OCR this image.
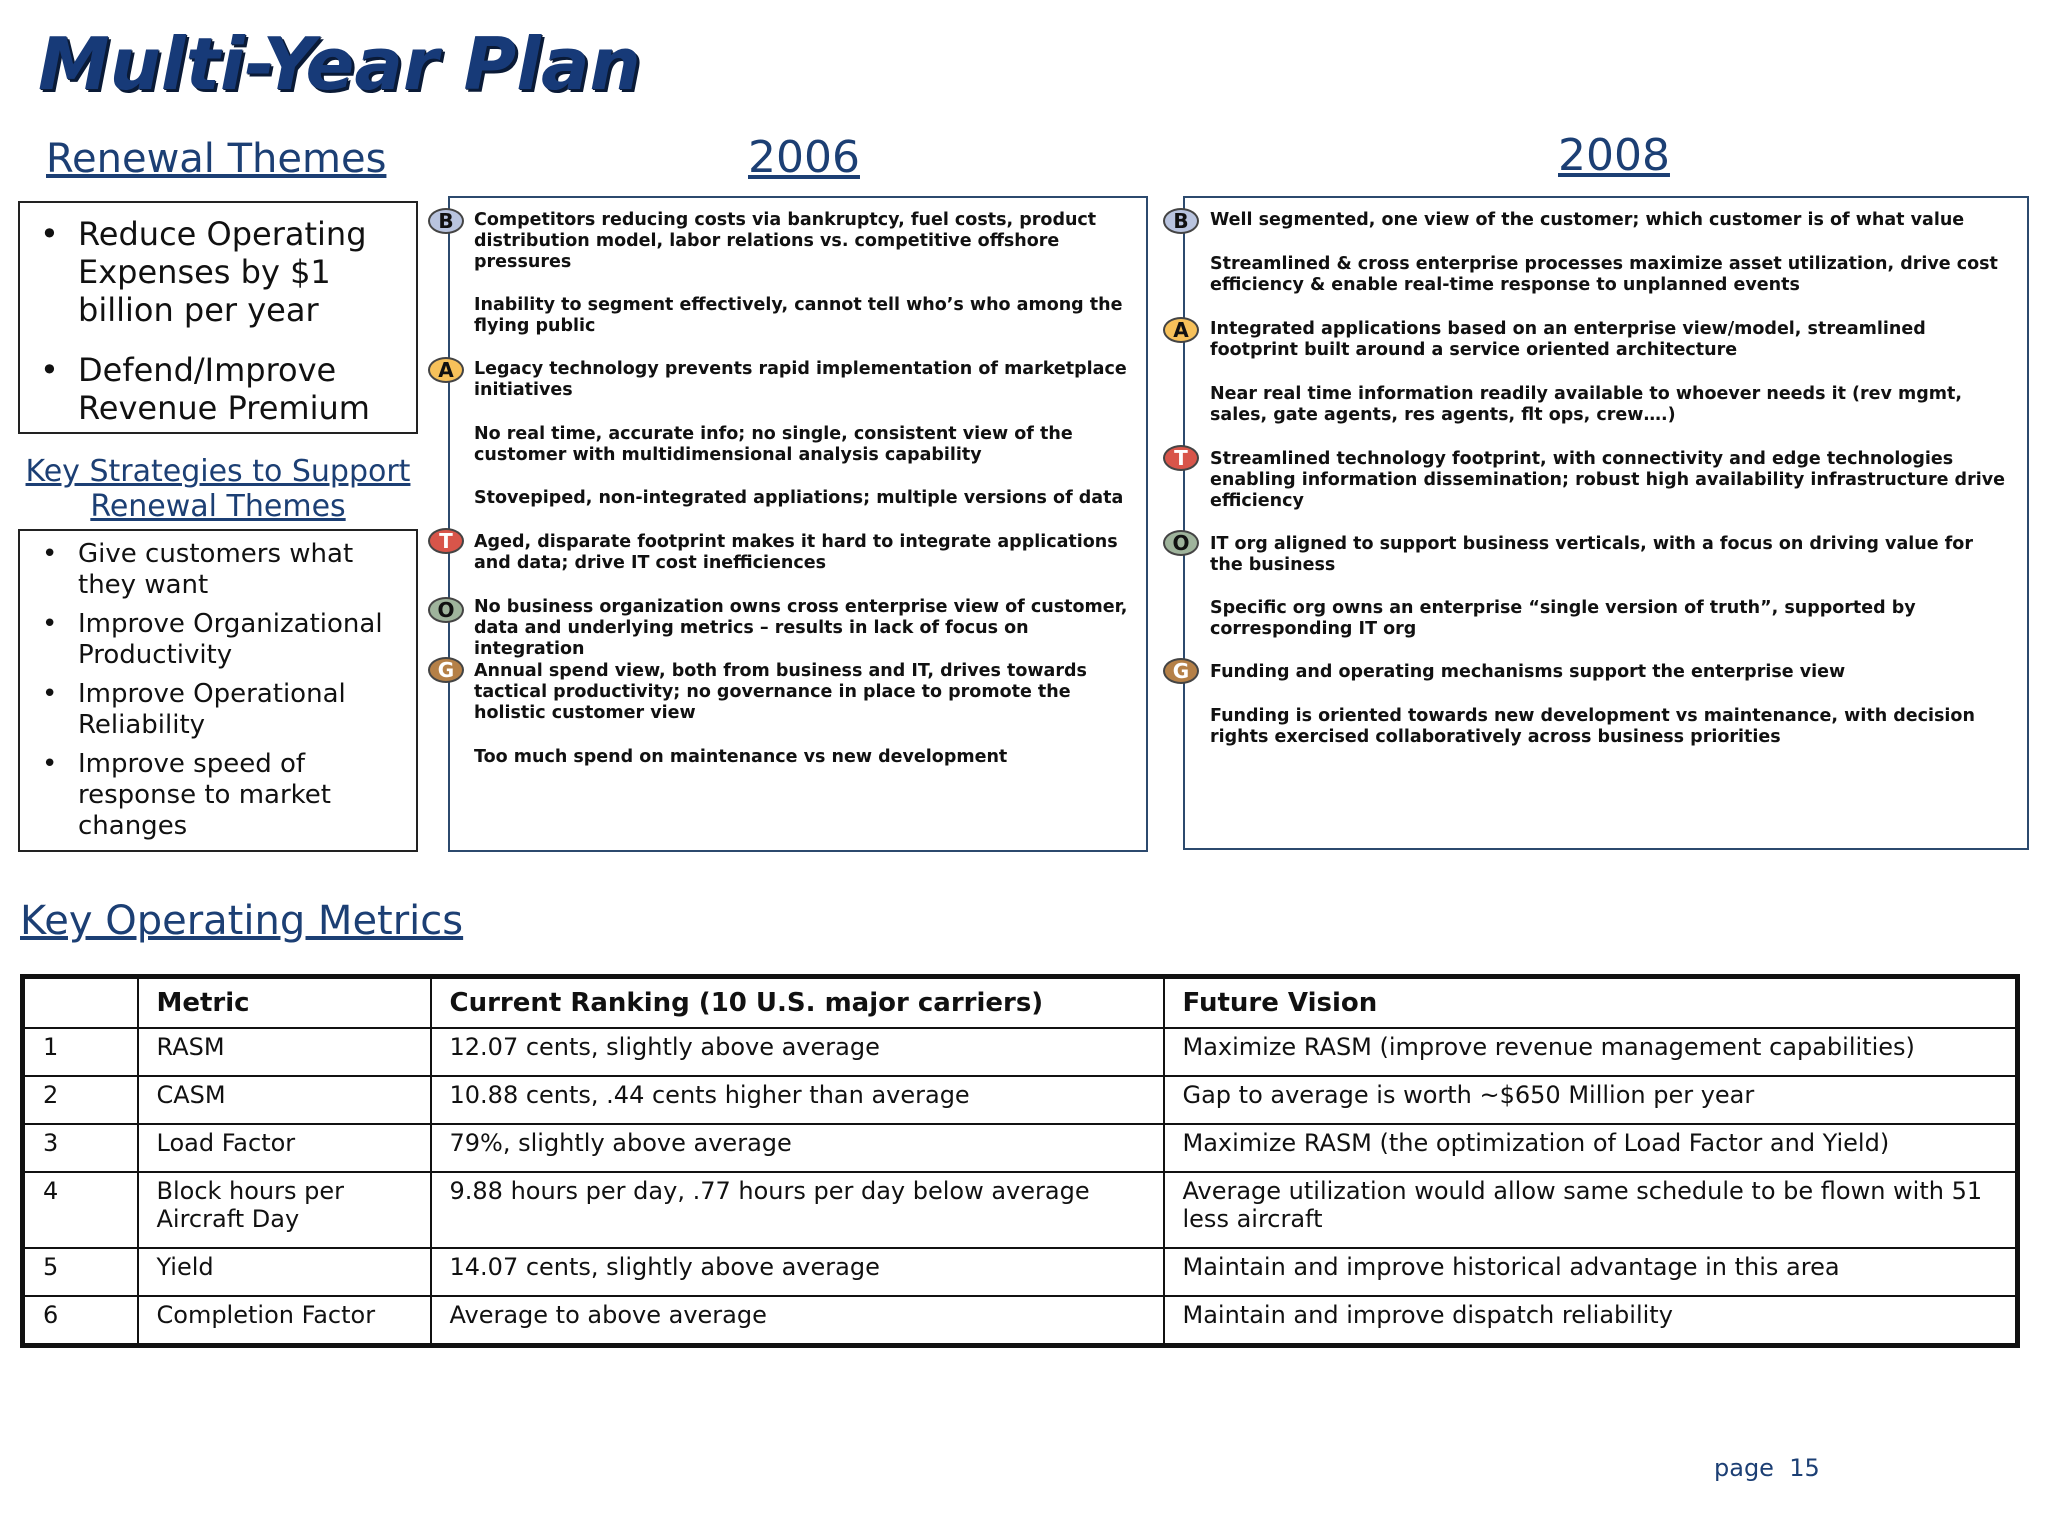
Multi-Year Plan
Renewal Themes	2006	2008
• Reduce Operating Expenses by $1 billion per year
• Defend/Improve Revenue Premium
Key Strategies to Support Renewal Themes
• Give customers what they want
• Improve Organizational Productivity
• Improve Operational Reliability
• Improve speed of response to market changes
B	Competitors reducing costs via bankruptcy, fuel costs, product distribution model, labor relations vs. competitive offshore pressures
Inability to segment effectively, cannot tell who’s who among the flying public
A	Legacy technology prevents rapid implementation of marketplace initiatives
No real time, accurate info; no single, consistent view of the customer with multidimensional analysis capability
Stovepiped, non-integrated appliations; multiple versions of data
T	Aged, disparate footprint makes it hard to integrate applications and data; drive IT cost inefficiences
O	No business organization owns cross enterprise view of customer, data and underlying metrics – results in lack of focus on integration
G	Annual spend view, both from business and IT, drives towards tactical productivity; no governance in place to promote the holistic customer view
Too much spend on maintenance vs new development
B	Well segmented, one view of the customer; which customer is of what value
Streamlined & cross enterprise processes maximize asset utilization, drive cost efficiency & enable real-time response to unplanned events
A	Integrated applications based on an enterprise view/model, streamlined footprint built around a service oriented architecture
Near real time information readily available to whoever needs it (rev mgmt, sales, gate agents, res agents, flt ops, crew….)
T	Streamlined technology footprint, with connectivity and edge technologies enabling information dissemination; robust high availability infrastructure drive efficiency
O	IT org aligned to support business verticals, with a focus on driving value for the business
Specific org owns an enterprise “single version of truth”, supported by corresponding IT org
G	Funding and operating mechanisms support the enterprise view
Funding is oriented towards new development vs maintenance, with decision rights exercised collaboratively across business priorities
Key Operating Metrics
	Metric	Current Ranking (10 U.S. major carriers)	Future Vision
1	RASM	12.07 cents, slightly above average	Maximize RASM (improve revenue management capabilities)
2	CASM	10.88 cents, .44 cents higher than average	Gap to average is worth ~$650 Million per year
3	Load Factor	79%, slightly above average	Maximize RASM (the optimization of Load Factor and Yield)
4	Block hours per Aircraft Day	9.88 hours per day, .77 hours per day below average	Average utilization would allow same schedule to be flown with 51 less aircraft
5	Yield	14.07 cents, slightly above average	Maintain and improve historical advantage in this area
6	Completion Factor	Average to above average	Maintain and improve dispatch reliability
page 15
